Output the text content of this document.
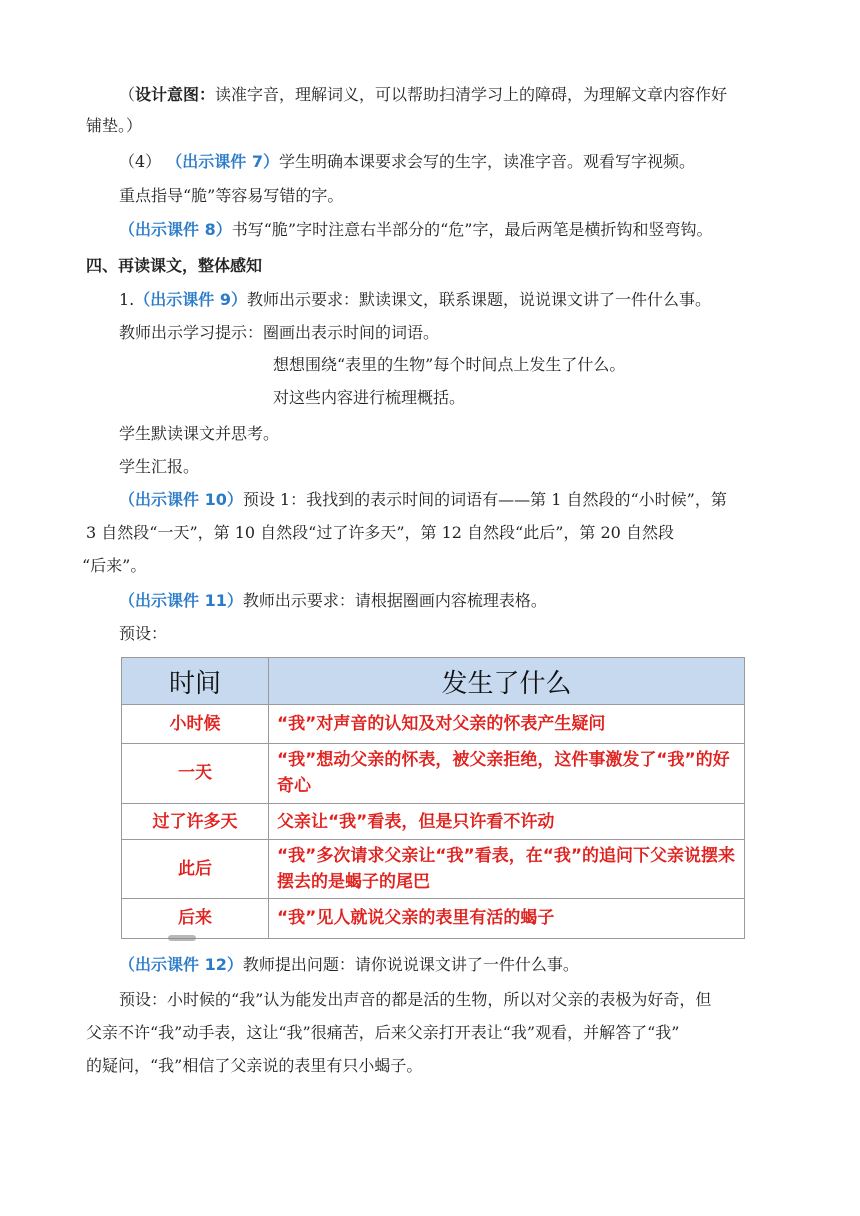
（设计意图：读准字音，理解词义，可以帮助扫清学习上的障碍，为理解文章内容作好
铺垫。）
（4） （出示课件 7）学生明确本课要求会写的生字，读准字音。观看写字视频。
重点指导“脆”等容易写错的字。
（出示课件 8）书写“脆”字时注意右半部分的“危”字，最后两笔是横折钩和竖弯钩。
四、再读课文，整体感知
1.（出示课件 9）教师出示要求：默读课文，联系课题，说说课文讲了一件什么事。
教师出示学习提示：圈画出表示时间的词语。
想想围绕“表里的生物”每个时间点上发生了什么。
对这些内容进行梳理概括。
学生默读课文并思考。
学生汇报。
（出示课件 10）预设 1：我找到的表示时间的词语有——第 1 自然段的“小时候”，第
3 自然段“一天”，第 10 自然段“过了许多天”，第 12 自然段“此后”，第 20 自然段
“后来”。
（出示课件 11）教师出示要求：请根据圈画内容梳理表格。
预设：
时间	发生了什么
小时候	“我”对声音的认知及对父亲的怀表产生疑问
一天	“我”想动父亲的怀表，被父亲拒绝，这件事激发了“我”的好奇心
过了许多天	父亲让“我”看表，但是只许看不许动
此后	“我”多次请求父亲让“我”看表，在“我”的追问下父亲说摆来摆去的是蝎子的尾巴
后来	“我”见人就说父亲的表里有活的蝎子
（出示课件 12）教师提出问题：请你说说课文讲了一件什么事。
预设：小时候的“我”认为能发出声音的都是活的生物，所以对父亲的表极为好奇，但
父亲不许“我”动手表，这让“我”很痛苦，后来父亲打开表让“我”观看，并解答了“我”
的疑问，“我”相信了父亲说的表里有只小蝎子。
